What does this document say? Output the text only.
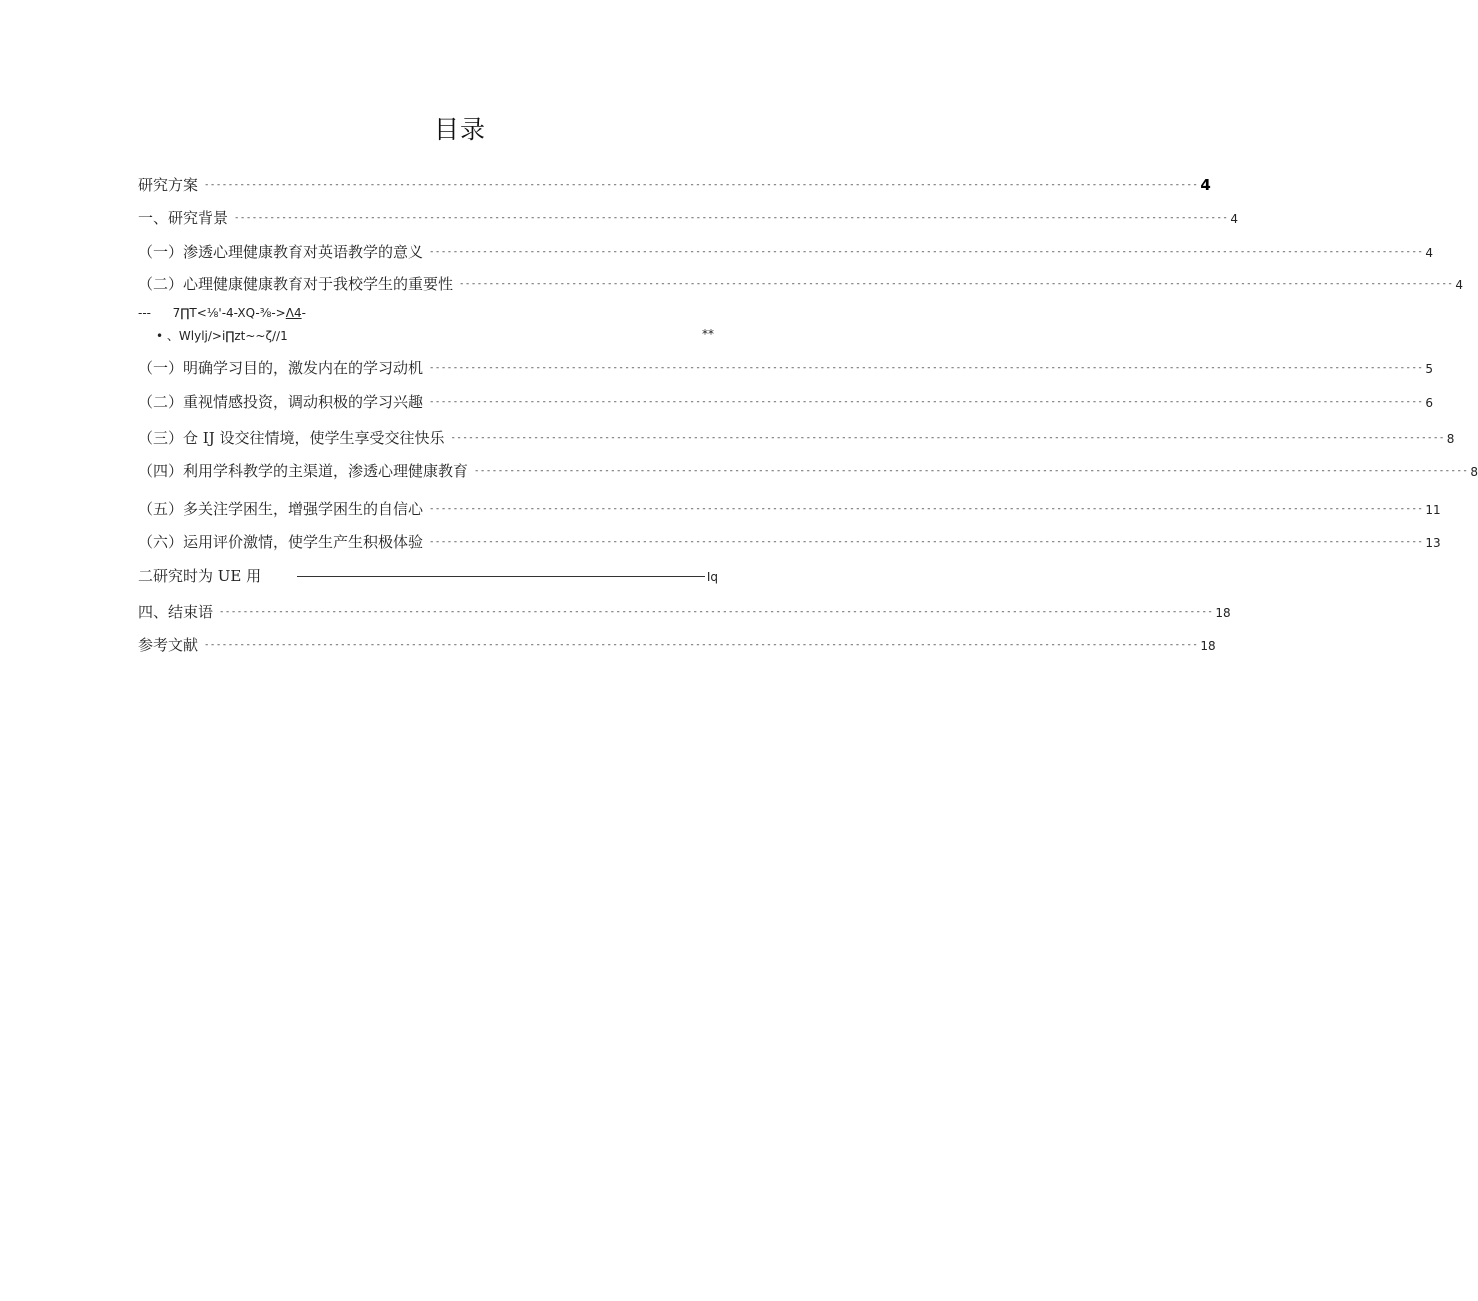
目录
研究方案 ------------------------------------------------------------------------------------------------------------------------------------------------------------------------ 4
一、研究背景 ------------------------------------------------------------------------------------------------------------------------------------------------------------------------ 4
（一）渗透心理健康教育对英语教学的意义 ------------------------------------------------------------------------------------------------------------------------------------------------------------------------ 4
（二）心理健康健康教育对于我校学生的重要性 ------------------------------------------------------------------------------------------------------------------------------------------------------------------------ 4
--- 7∏T<⅛'-4-XQ-⅜->Λ4-
• 、Wlylj∕>i∏zt~~ζ∕∕1	**
（一）明确学习目的，激发内在的学习动机 ------------------------------------------------------------------------------------------------------------------------------------------------------------------------ 5
（二）重视情感投资，调动积极的学习兴趣 ------------------------------------------------------------------------------------------------------------------------------------------------------------------------ 6
（三）仓 IJ 设交往情境，使学生享受交往快乐 ------------------------------------------------------------------------------------------------------------------------------------------------------------------------ 8
（四）利用学科教学的主渠道，渗透心理健康教育 ------------------------------------------------------------------------------------------------------------------------------------------------------------------------ 8
（五）多关注学困生，增强学困生的自信心 ------------------------------------------------------------------------------------------------------------------------------------------------------------------------ 11
（六）运用评价激情，使学生产生积极体验 ------------------------------------------------------------------------------------------------------------------------------------------------------------------------ 13
二研究时为 UE 用	Iq
四、结束语 ------------------------------------------------------------------------------------------------------------------------------------------------------------------------ 18
参考文献 ------------------------------------------------------------------------------------------------------------------------------------------------------------------------ 18
